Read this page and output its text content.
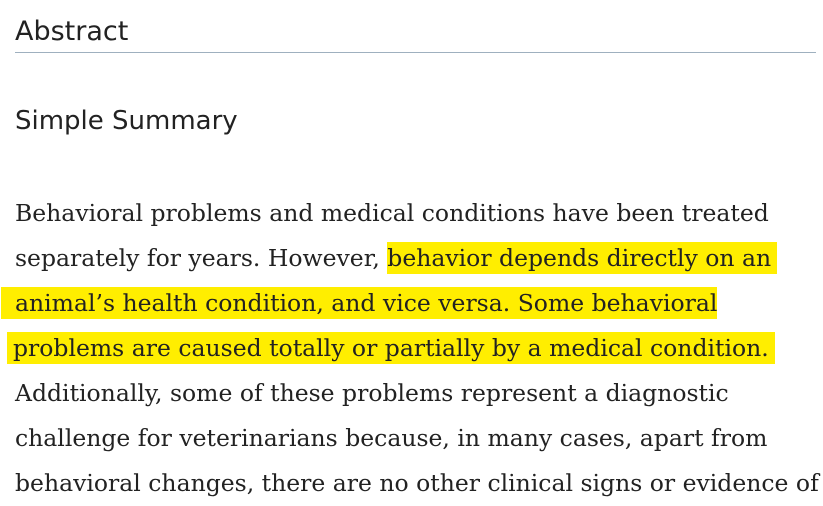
Abstract
Simple Summary
Behavioral problems and medical conditions have been treated
separately for years. However, behavior depends directly on an
animal’s health condition, and vice versa. Some behavioral
problems are caused totally or partially by a medical condition.
Additionally, some of these problems represent a diagnostic
challenge for veterinarians because, in many cases, apart from
behavioral changes, there are no other clinical signs or evidence of
